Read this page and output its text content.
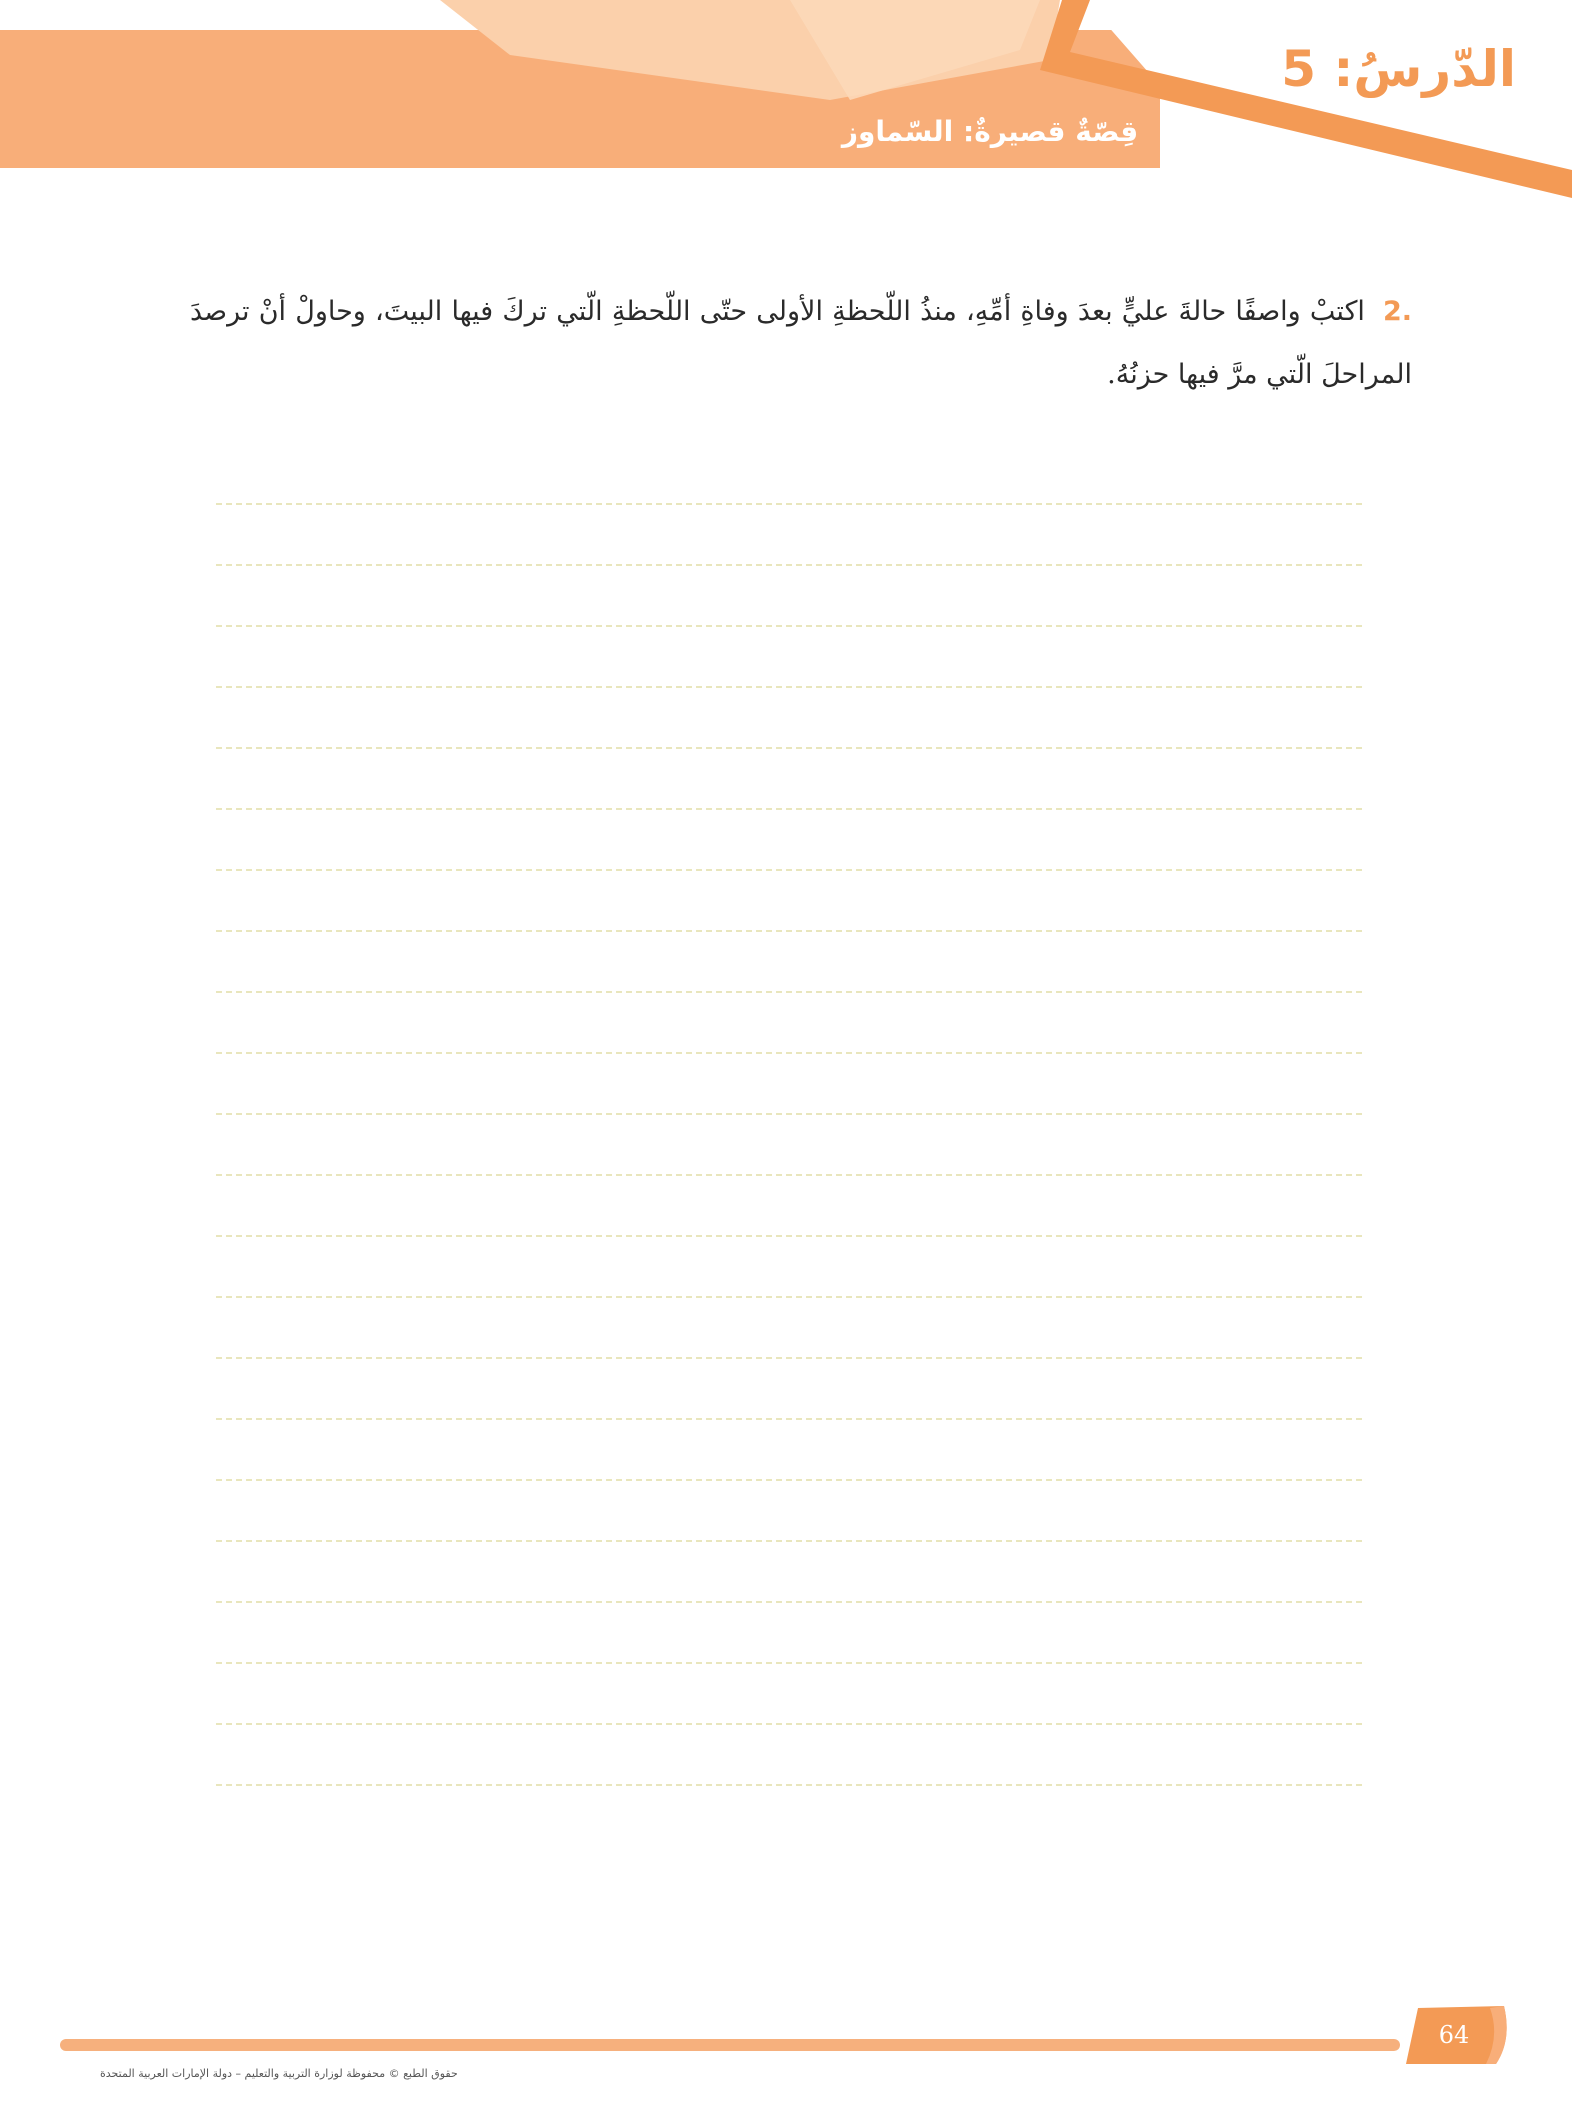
الدّرسُ: 5
قِصّةٌ قصيرةٌ: السّماوز
.2اكتبْ واصفًا حالةَ عليٍّ بعدَ وفاةِ أمِّهِ، منذُ اللّحظةِ الأولى حتّى اللّحظةِ الّتي تركَ فيها البيتَ، وحاولْ أنْ ترصدَ المراحلَ الّتي مرَّ فيها حزنُهُ.
64
حقوق الطبع © محفوظة لوزارة التربية والتعليم – دولة الإمارات العربية المتحدة
